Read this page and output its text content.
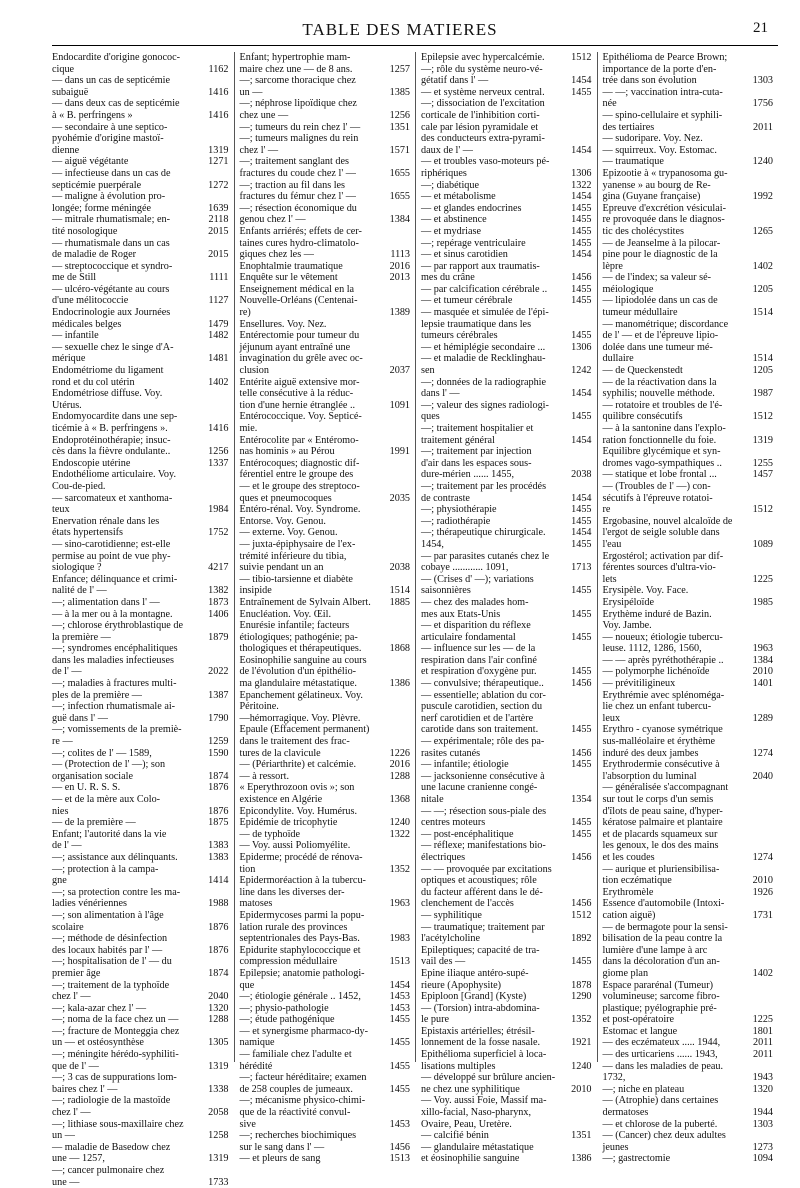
TABLE DES MATIERES	21
Endocardite d'origine gonococ-
cique	1162
— dans un cas de septicémie
subaiguë	1416
— dans deux cas de septicémie
à « B. perfringens »	1416
— secondaire à une septico-
pyohémie d'origine mastoï-
dienne	1319
— aiguë végétante	1271
— infectieuse dans un cas de
septicémie puerpérale	1272
— maligne à évolution pro-
longée; forme méningée	1639
— mitrale rhumatismale; en-	2118
tité nosologique	2015
— rhumatismale dans un cas
de maladie de Roger	2015
— streptococcique et syndro-
me de Still	1111
— ulcéro-végétante au cours
d'une mélitococcie	1127
Endocrinologie aux Journées
médicales belges	1479
— infantile	1482
— sexuelle chez le singe d'A-
mérique	1481
Endométriome du ligament
rond et du col utérin	1402
Endométriose diffuse. Voy.
Utérus.
Endomyocardite dans une sep-
ticémie à « B. perfringens ».	1416
Endoprotéinothérapie; insuc-
cès dans la fièvre ondulante..	1256
Endoscopie utérine	1337
Endothéliome articulaire. Voy.
Cou-de-pied.
— sarcomateux et xanthoma-
teux	1984
Enervation rénale dans les
états hypertensifs	1752
— sino-carotidienne; est-elle
permise au point de vue phy-
siologique ?	4217
Enfance; délinquance et crimi-
nalité de l' —	1382
—; alimentation dans l' —	1873
— à la mer ou à la montagne.	1406
—; chlorose érythroblastique de
la première —	1879
—; syndromes encéphalitiques
dans les maladies infectieuses
de l' —	2022
—; maladies à fractures multi-
ples de la première —	1387
—; infection rhumatismale ai-
guë dans l' —	1790
—; vomissements de la premiè-
re —	1259
—; colites de l' — 1589,	1590
— (Protection de l' —); son
organisation sociale	1874
— en U. R. S. S.	1876
— et de la mère aux Colo-
nies	1876
— de la première —	1875
Enfant; l'autorité dans la vie
de l' —	1383
—; assistance aux délinquants.	1383
—; protection à la campa-
gne	1414
—; sa protection contre les ma-
ladies vénériennes	1988
—; son alimentation à l'âge
scolaire	1876
—; méthode de désinfection
des locaux habités par l' —	1876
—; hospitalisation de l' — du
premier âge	1874
—; traitement de la typhoïde
chez l' —	2040
—; kala-azar chez l' —	1320
—; noma de la face chez un —	1288
—; fracture de Monteggia chez
un — et ostéosynthèse	1305
—; méningite hérédo-syphiliti-
que de l' —	1319
—; 3 cas de suppurations lom-
baires chez l' —	1338
—; radiologie de la mastoïde
chez l' —	2058
—; lithiase sous-maxillaire chez
un —	1258
— maladie de Basedow chez
une — 1257,	1319
—; cancer pulmonaire chez
une —	1733
Enfant; hypertrophie mam-
maire chez une — de 8 ans.	1257
—; sarcome thoracique chez
un —	1385
—; néphrose lipoïdique chez
chez une —	1256
—; tumeurs du rein chez l' —	1351
—; tumeurs malignes du rein
chez l' —	1571
—; traitement sanglant des
fractures du coude chez l' —	1655
—; traction au fil dans les
fractures du fémur chez l' —	1655
—; résection économique du
genou chez l' —	1384
Enfants arriérés; effets de cer-
taines cures hydro-climatolo-
giques chez les —	1113
Enophtalmie traumatique	2016
Enquête sur le vêtement	2013
Enseignement médical en la
Nouvelle-Orléans (Centenai-
re)	1389
Ensellures. Voy. Nez.
Entérectomie pour tumeur du
jéjunum ayant entraîné une
invagination du grêle avec oc-
clusion	2037
Entérite aiguë extensive mor-
telle consécutive à la réduc-
tion d'une hernie étranglée ..	1091
Entérococcique. Voy. Septicé-
mie.
Entérocolite par « Entéromo-
nas hominis » au Pérou	1991
Entérocoques; diagnostic dif-
férentiel entre le groupe des
— et le groupe des streptoco-
ques et pneumocoques	2035
Entéro-rénal. Voy. Syndrome.
Entorse. Voy. Genou.
— externe. Voy. Genou.
— juxta-épiphysaire de l'ex-
trémité inférieure du tibia,
suivie pendant un an	2038
— tibio-tarsienne et diabète
insipide	1514
Entraînement de Sylvain Albert.	1885
Enucléation. Voy. Œil.
Enurésie infantile; facteurs
étiologiques; pathogénie; pa-
thologiques et thérapeutiques.	1868
Eosinophilie sanguine au cours
de l'évolution d'un épithélio-
ma glandulaire métastatique.	1386
Epanchement gélatineux. Voy.
Péritoine.
—hémorragique. Voy. Plèvre.
Epaule (Effacement permanent)
dans le traitement des frac-
tures de la clavicule	1226
— (Périarthrite) et calcémie.	2016
— à ressort.	1288
« Eperythrozoon ovis »; son
existence en Algérie	1368
Epicondylite. Voy. Humérus.
Epidémie de tricophytie	1240
— de typhoïde	1322
— Voy. aussi Poliomyélite.
Epiderme; procédé de rénova-
tion	1352
Epidermoréaction à la tubercu-
line dans les diverses der-
matoses	1963
Epidermycoses parmi la popu-
lation rurale des provinces
septentrionales des Pays-Bas.	1983
Epidurite staphylococcique et
compression médullaire	1513
Epilepsie; anatomie pathologi-
que	1454
—; étiologie générale .. 1452,	1453
—; physio-pathologie	1453
—; étude pathogénique	1455
— et synergisme pharmaco-dy-
namique	1455
— familiale chez l'adulte et
hérédité	1455
—; facteur héréditaire; examen
de 258 couples de jumeaux.	1455
—; mécanisme physico-chimi-
que de la réactivité convul-
sive	1453
—; recherches biochimiques
sur le sang dans l' —	1456
— et pleurs de sang	1513
Epilepsie avec hypercalcémie.	1512
—; rôle du système neuro-vé-
gétatif dans l' —	1454
— et système nerveux central.	1455
—; dissociation de l'excitation
corticale de l'inhibition corti-
cale par lésion pyramidale et
des conducteurs extra-pyrami-
daux de l' —	1454
— et troubles vaso-moteurs pé-
riphériques	1306
—; diabétique	1322
— et métabolisme	1454
— et glandes endocrines	1455
— et abstinence	1455
— et mydriase	1455
—; repérage ventriculaire	1455
— et sinus carotidien	1454
— par rapport aux traumatis-
mes du crâne	1456
— par calcification cérébrale ..	1455
— et tumeur cérébrale	1455
— masquée et simulée de l'épi-
lepsie traumatique dans les
tumeurs cérébrales	1455
— et hémiplégie secondaire ...	1306
— et maladie de Recklinghau-
sen	1242
—; données de la radiographie
dans l' —	1454
—; valeur des signes radiologi-
ques	1455
—; traitement hospitalier et
traitement général	1454
—; traitement par injection
d'air dans les espaces sous-
dure-mérien ...... 1455,	2038
—; traitement par les procédés
de contraste	1454
—; physiothérapie	1455
—; radiothérapie	1455
—; thérapeutique chirurgicale.	1454
1454,	1455
— par parasites cutanés chez le
cobaye ............ 1091,	1713
— (Crises d' —); variations
saisonnières	1455
— chez des malades hom-
mes aux Etats-Unis	1455
— et disparition du réflexe
articulaire fondamental	1455
— influence sur les — de la
respiration dans l'air confiné
et respiration d'oxygène pur.	1455
— convulsive; thérapeutique..	1456
— essentielle; ablation du cor-
puscule carotidien, section du
nerf carotidien et de l'artère
carotide dans son traitement.	1455
— expérimentale; rôle des pa-
rasites cutanés	1456
— infantile; étiologie	1455
— jacksonienne consécutive à
une lacune cranienne congé-
nitale	1354
— —; résection sous-piale des
centres moteurs	1455
— post-encéphalitique	1455
— réflexe; manifestations bio-
électriques	1456
— — provoquée par excitations
optiques et acoustiques; rôle
du facteur afférent dans le dé-
clenchement de l'accès	1456
— syphilitique	1512
— traumatique; traitement par
l'acétylcholine	1892
Epileptiques; capacité de tra-
vail des —	1455
Epine iliaque antéro-supé-
rieure (Apophysite)	1878
Epiploon [Grand] (Kyste)	1290
— (Torsion) intra-abdomina-
le pure	1352
Epistaxis artérielles; étrésil-
lonnement de la fosse nasale.	1921
Epithélioma superficiel à loca-
lisations multiples	1240
— développé sur brûlure ancien-
ne chez une syphilitique	2010
— Voy. aussi Foie, Massif ma-
xillo-facial, Naso-pharynx,
Ovaire, Peau, Uretère.
— calcifié bénin	1351
— glandulaire métastatique
et éosinophilie sanguine	1386
Epithélioma de Pearce Brown;
importance de la porte d'en-
trée dans son évolution	1303
— —; vaccination intra-cuta-
née	1756
— spino-cellulaire et syphili-
des tertiaires	2011
— sudoripare. Voy. Nez.
— squirreux. Voy. Estomac.
— traumatique	1240
Epizootie à « trypanosoma gu-
yanense » au bourg de Re-
gina (Guyane française)	1992
Epreuve d'excrétion vésiculai-
re provoquée dans le diagnos-
tic des cholécystites	1265
— de Jeanselme à la pilocar-
pine pour le diagnostic de la
lèpre	1402
— de l'index; sa valeur sé-
méiologique	1205
— lipiodolée dans un cas de
tumeur médullaire	1514
— manométrique; discordance
de l' — et de l'épreuve lipio-
dolée dans une tumeur mé-
dullaire	1514
— de Queckenstedt	1205
— de la réactivation dans la
syphilis; nouvelle méthode.	1987
— rotatoire et troubles de l'é-
quilibre consécutifs	1512
— à la santonine dans l'explo-
ration fonctionnelle du foie.	1319
Equilibre glycémique et syn-
dromes vago-sympathiques ..	1255
— statique et lobe frontal ...	1457
— (Troubles de l' —) con-
sécutifs à l'épreuve rotatoi-
re	1512
Ergobasine, nouvel alcaloïde de
l'ergot de seigle soluble dans
l'eau	1089
Ergostérol; activation par dif-
férentes sources d'ultra-vio-
lets	1225
Erysipèle. Voy. Face.
Erysipéloïde	1985
Erythème induré de Bazin.
Voy. Jambe.
— noueux; étiologie tubercu-
leuse. 1112, 1286, 1560,	1963
— — après pyréthothérapie ..	1384
— polymorphe lichénoïde	2010
— prévitiligineux	1401
Erythrémie avec splénoméga-
lie chez un enfant tubercu-
leux	1289
Erythro - cyanose symétrique
sus-malléolaire et érythème
induré des deux jambes	1274
Erythrodermie consécutive à
l'absorption du luminal	2040
— généralisée s'accompagnant
sur tout le corps d'un semis
d'îlots de peau saine, d'hyper-
kératose palmaire et plantaire
et de placards squameux sur
les genoux, le dos des mains
et les coudes	1274
— aurique et pluriensibilisa-
tion eczématique	2010
Erythromèle	1926
Essence d'automobile (Intoxi-
cation aiguë)	1731
— de bermagote pour la sensi-
bilisation de la peau contre la
lumière d'une lampe à arc
dans la décoloration d'un an-
giome plan	1402
Espace pararénal (Tumeur)
volumineuse; sarcome fibro-
plastique; pyélographie pré-
et post-opératoire	1225
Estomac et langue	1801
— des eczémateux ..... 1944,	2011
— des urticariens ...... 1943,	2011
— dans les maladies de peau.
1732,	1943
—; niche en plateau	1320
— (Atrophie) dans certaines
dermatoses	1944
— et chlorose de la puberté.	1303
— (Cancer) chez deux adultes
jeunes	1273
—; gastrectomie	1094
